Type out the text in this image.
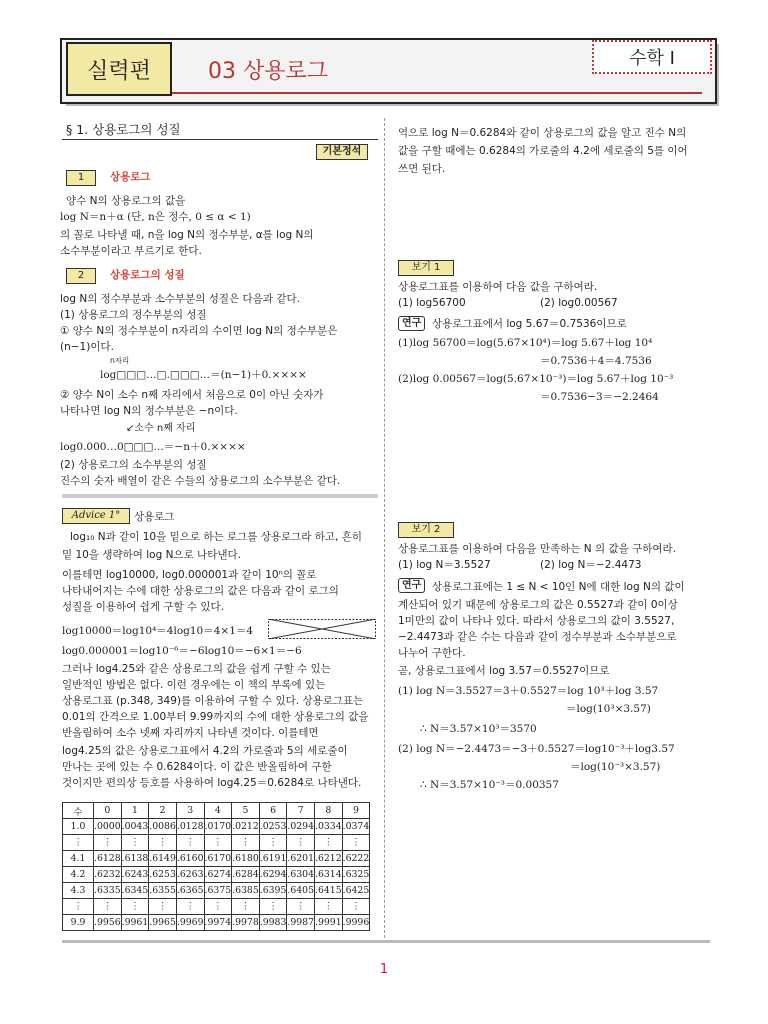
실력편	03 상용로그
수학 Ⅰ
§ 1. 상용로그의 성질
기본정석
1	상용로그
양수 N의 상용로그의 값을
log N＝n＋α (단, n은 정수, 0 ≤ α < 1)
의 꼴로 나타낼 때, n을 log N의 정수부분, α를 log N의
소수부분이라고 부르기로 한다.
2	상용로그의 성질
log N의 정수부분과 소수부분의 성질은 다음과 같다.
(1) 상용로그의 정수부분의 성질
① 양수 N의 정수부분이 n자리의 수이면 log N의 정수부분은
(n−1)이다.
n자리
log□□□…□.□□□…＝(n−1)＋0.××××
② 양수 N이 소수 n째 자리에서 처음으로 0이 아닌 숫자가
나타나면 log N의 정수부분은 −n이다.
↙소수 n째 자리
log0.000…0□□□…＝−n＋0.××××
(2) 상용로그의 소수부분의 성질
진수의 숫자 배열이 같은 수들의 상용로그의 소수부분은 같다.
Advice 1°	상용로그
log₁₀ N과 같이 10을 밑으로 하는 로그를 상용로그라 하고, 흔히
밑 10을 생략하여 log N으로 나타낸다.
이를테면 log10000, log0.000001과 같이 10ⁿ의 꼴로
나타내어지는 수에 대한 상용로그의 값은 다음과 같이 로그의
성질을 이용하여 쉽게 구할 수 있다.
log10000＝log10⁴＝4log10＝4×1＝4
log0.000001＝log10⁻⁶＝−6log10＝−6×1＝−6
그러나 log4.25와 같은 상용로그의 값을 쉽게 구할 수 있는
일반적인 방법은 없다. 이런 경우에는 이 책의 부록에 있는
상용로그표 (p.348, 349)를 이용하여 구할 수 있다. 상용로그표는
0.01의 간격으로 1.00부터 9.99까지의 수에 대한 상용로그의 값을
반올림하여 소수 넷째 자리까지 나타낸 것이다. 이를테면
log4.25의 값은 상용로그표에서 4.2의 가로줄과 5의 세로줄이
만나는 곳에 있는 수 0.6284이다. 이 값은 반올림하여 구한
것이지만 편의상 등호를 사용하여 log4.25＝0.6284로 나타낸다.
수	0	1	2	3	4	5	6	7	8	9
1.0	.0000	.0043	.0086	.0128	.0170	.0212	.0253	.0294	.0334	.0374
⋮	⋮	⋮	⋮	⋮	⋮	⋮	⋮	⋮	⋮	⋮
4.1	.6128	.6138	.6149	.6160	.6170	.6180	.6191	.6201	.6212	.6222
4.2	.6232	.6243	.6253	.6263	.6274	.6284	.6294	.6304	.6314	.6325
4.3	.6335	.6345	.6355	.6365	.6375	.6385	.6395	.6405	.6415	.6425
⋮	⋮	⋮	⋮	⋮	⋮	⋮	⋮	⋮	⋮	⋮
9.9	.9956	.9961	.9965	.9969	.9974	.9978	.9983	.9987	.9991	.9996
역으로 log N＝0.6284와 같이 상용로그의 값을 알고 진수 N의
값을 구할 때에는 0.6284의 가로줄의 4.2에 세로줄의 5를 이어
쓰면 된다.
보기 1
상용로그표를 이용하여 다음 값을 구하여라.
(1) log56700	(2) log0.00567
연구	상용로그표에서 log 5.67＝0.7536이므로
(1)log 56700＝log(5.67×10⁴)＝log 5.67＋log 10⁴
＝0.7536＋4＝4.7536
(2)log 0.00567＝log(5.67×10⁻³)＝log 5.67＋log 10⁻³
＝0.7536−3＝−2.2464
보기 2
상용로그표를 이용하여 다음을 만족하는 N 의 값을 구하여라.
(1) log N＝3.5527	(2) log N＝−2.4473
연구	상용로그표에는 1 ≤ N < 10인 N에 대한 log N의 값이
계산되어 있기 때문에 상용로그의 값은 0.5527과 같이 0이상
1미만의 값이 나타나 있다. 따라서 상용로그의 값이 3.5527,
−2.4473과 같은 수는 다음과 같이 정수부분과 소수부분으로
나누어 구한다.
곧, 상용로그표에서 log 3.57＝0.5527이므로
(1) log N＝3.5527＝3＋0.5527＝log 10³＋log 3.57
＝log(10³×3.57)
∴ N＝3.57×10³＝3570
(2) log N＝−2.4473＝−3＋0.5527＝log10⁻³＋log3.57
＝log(10⁻³×3.57)
∴ N＝3.57×10⁻³＝0.00357
1
